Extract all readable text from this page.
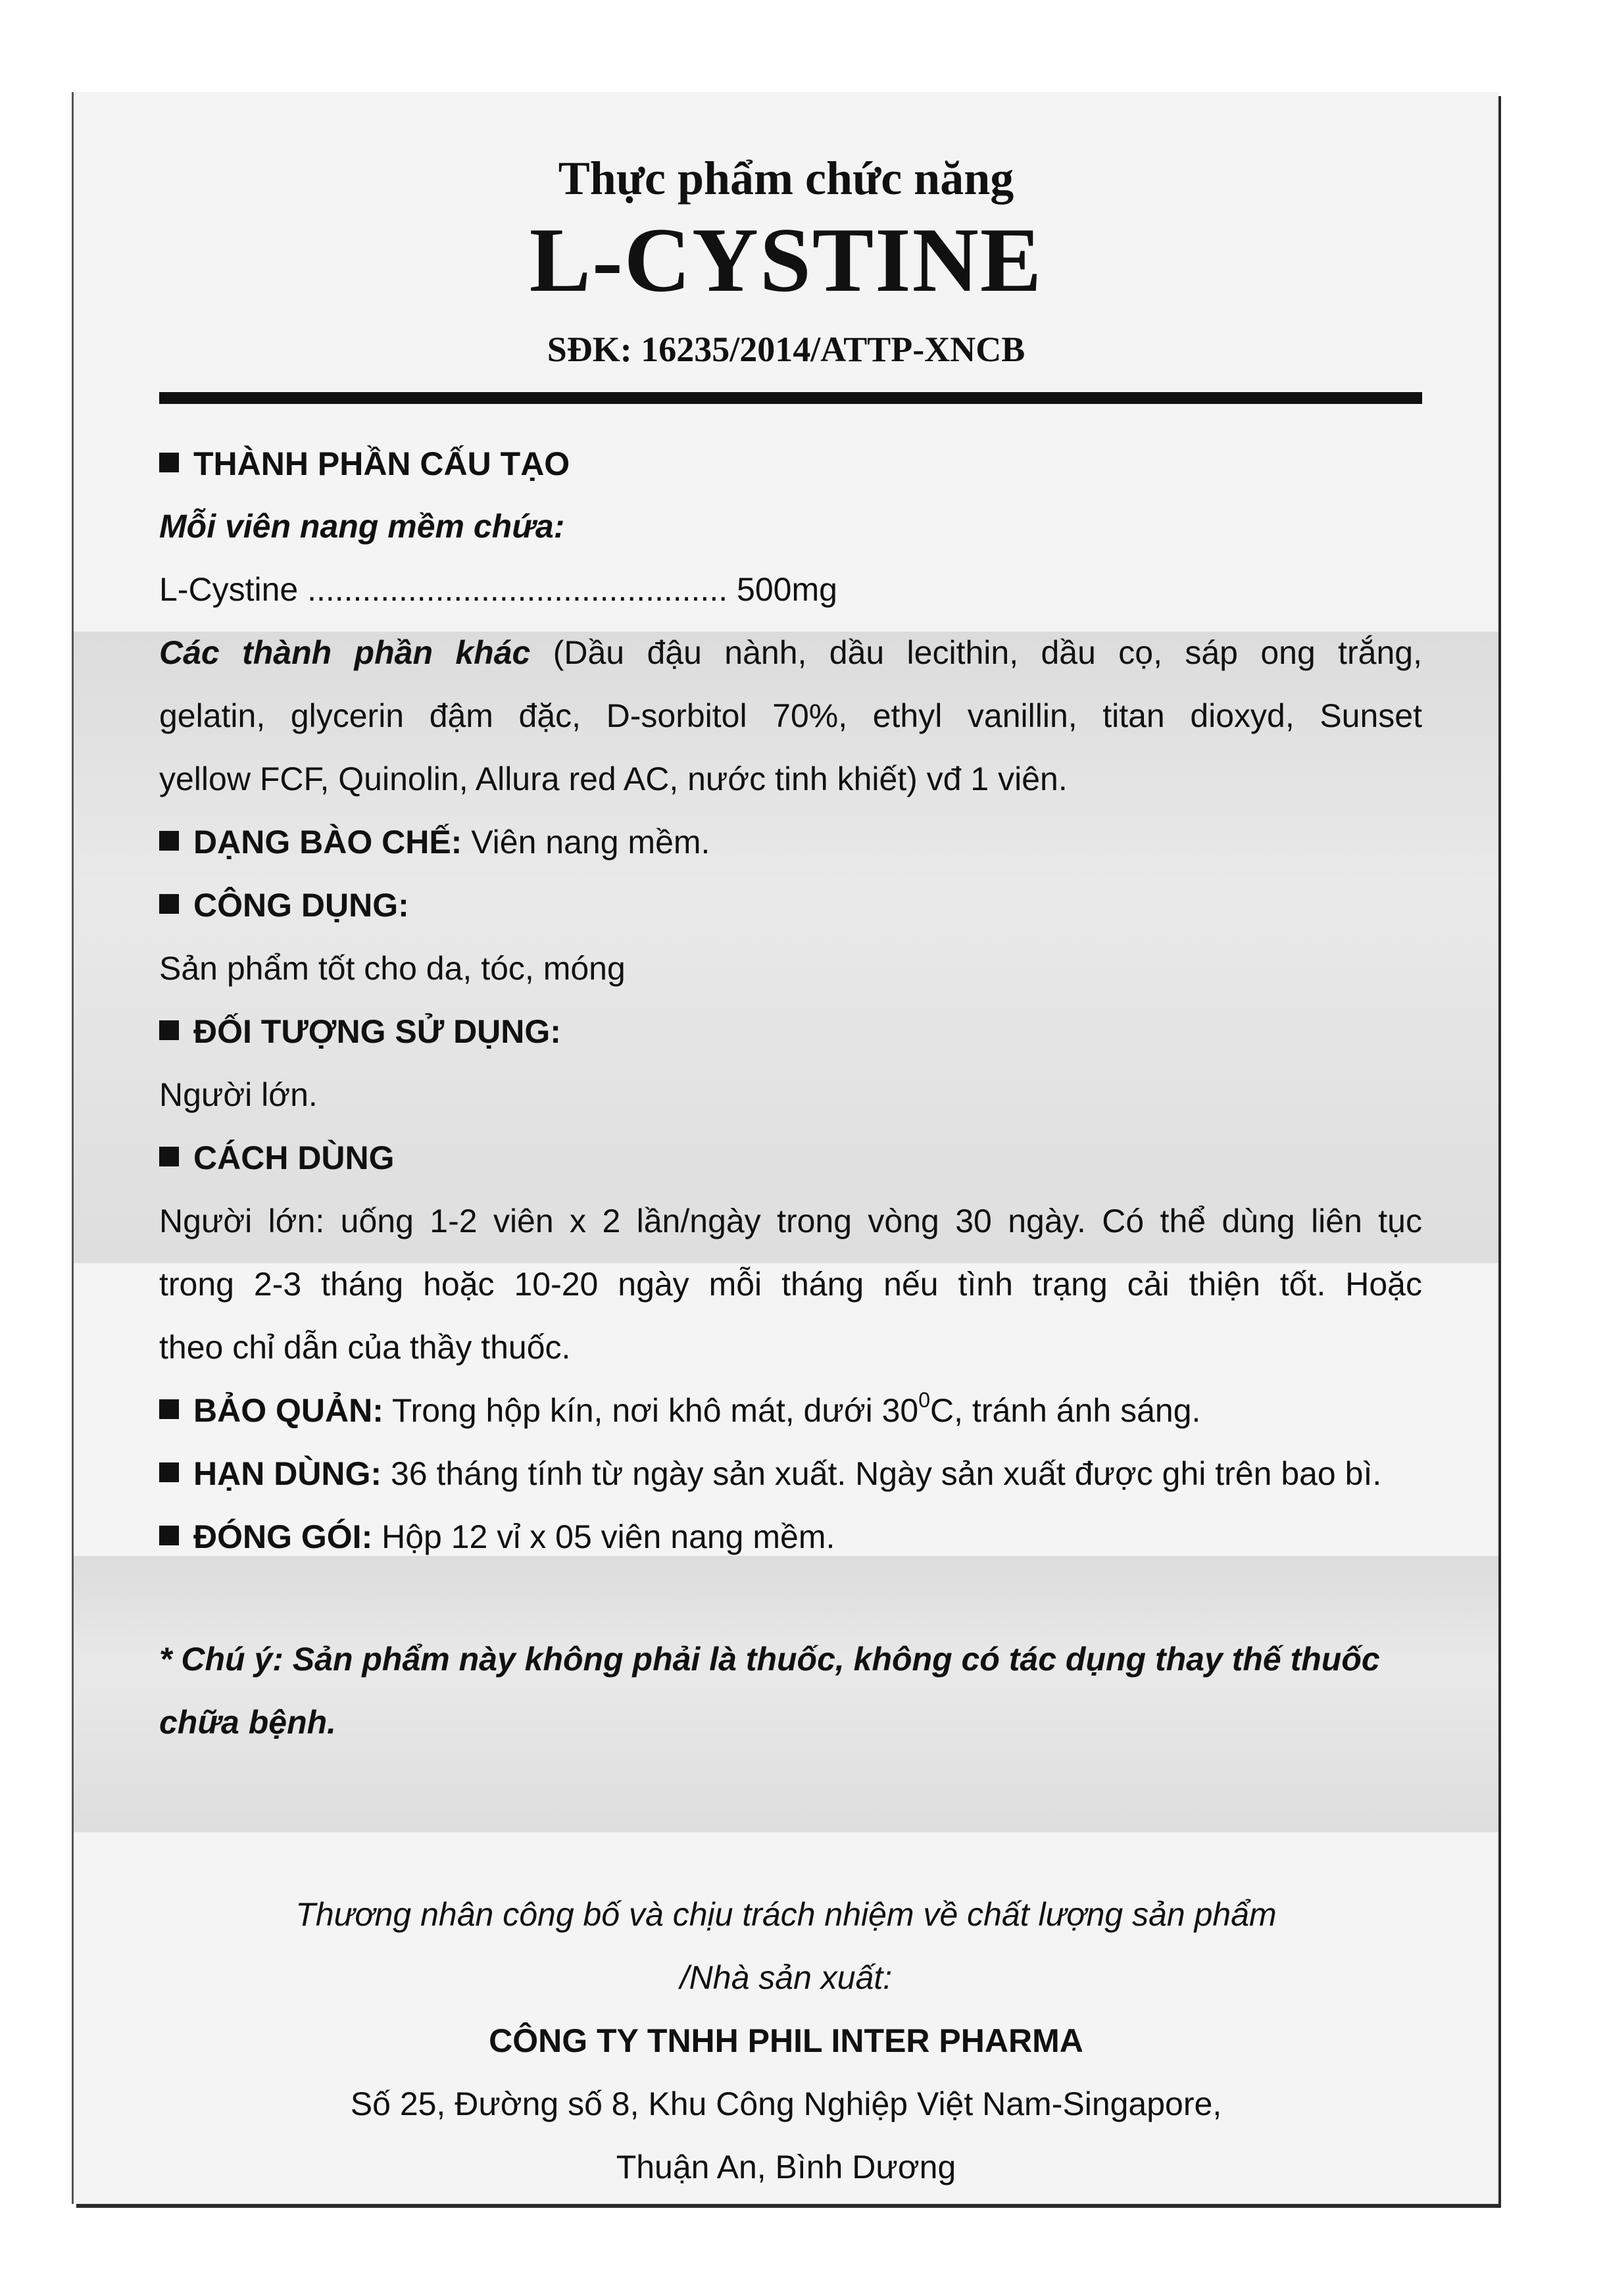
Thực phẩm chức năng
L-CYSTINE
SĐK: 16235/2014/ATTP-XNCB
THÀNH PHẦN CẤU TẠO
Mỗi viên nang mềm chứa:
L-Cystine .............................................. 500mg
Các thành phần khác (Dầu đậu nành, dầu lecithin, dầu cọ, sáp ong trắng,
gelatin, glycerin đậm đặc, D-sorbitol 70%, ethyl vanillin, titan dioxyd, Sunset
yellow FCF, Quinolin, Allura red AC, nước tinh khiết) vđ 1 viên.
DẠNG BÀO CHẾ: Viên nang mềm.
CÔNG DỤNG:
Sản phẩm tốt cho da, tóc, móng
ĐỐI TƯỢNG SỬ DỤNG:
Người lớn.
CÁCH DÙNG
Người lớn: uống 1-2 viên x 2 lần/ngày trong vòng 30 ngày. Có thể dùng liên tục
trong 2-3 tháng hoặc 10-20 ngày mỗi tháng nếu tình trạng cải thiện tốt. Hoặc
theo chỉ dẫn của thầy thuốc.
BẢO QUẢN: Trong hộp kín, nơi khô mát, dưới $30^0C$, tránh ánh sáng.
HẠN DÙNG: 36 tháng tính từ ngày sản xuất. Ngày sản xuất được ghi trên bao bì.
ĐÓNG GÓI: Hộp 12 vỉ x 05 viên nang mềm.
* Chú ý: Sản phẩm này không phải là thuốc, không có tác dụng thay thế thuốc
chữa bệnh.
Thương nhân công bố và chịu trách nhiệm về chất lượng sản phẩm
/Nhà sản xuất:
CÔNG TY TNHH PHIL INTER PHARMA
Số 25, Đường số 8, Khu Công Nghiệp Việt Nam-Singapore,
Thuận An, Bình Dương
